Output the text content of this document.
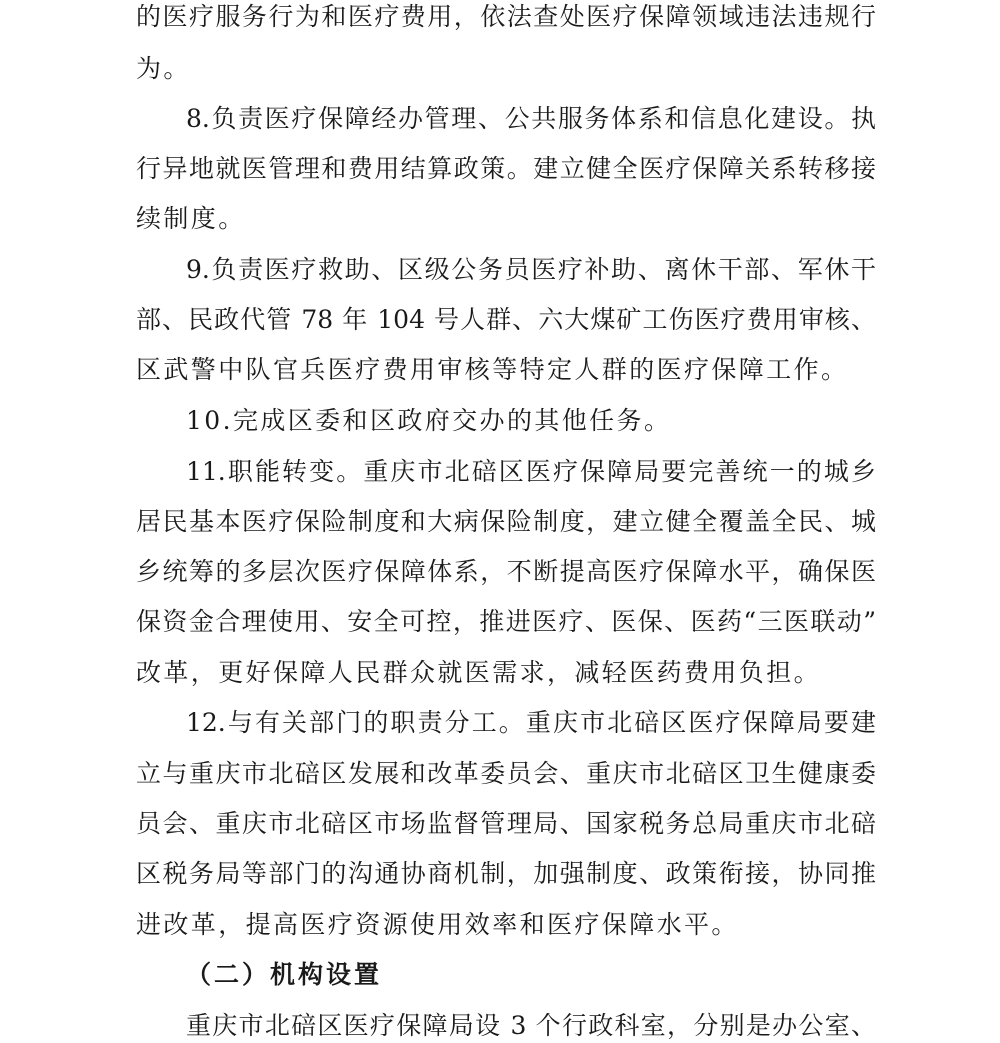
的医疗服务行为和医疗费用，依法查处医疗保障领域违法违规行
为。
8.负责医疗保障经办管理、公共服务体系和信息化建设。执
行异地就医管理和费用结算政策。建立健全医疗保障关系转移接
续制度。
9.负责医疗救助、区级公务员医疗补助、离休干部、军休干
部、民政代管 78 年 104 号人群、六大煤矿工伤医疗费用审核、
区武警中队官兵医疗费用审核等特定人群的医疗保障工作。
10.完成区委和区政府交办的其他任务。
11.职能转变。重庆市北碚区医疗保障局要完善统一的城乡
居民基本医疗保险制度和大病保险制度，建立健全覆盖全民、城
乡统筹的多层次医疗保障体系，不断提高医疗保障水平，确保医
保资金合理使用、安全可控，推进医疗、医保、医药“三医联动”
改革，更好保障人民群众就医需求，减轻医药费用负担。
12.与有关部门的职责分工。重庆市北碚区医疗保障局要建
立与重庆市北碚区发展和改革委员会、重庆市北碚区卫生健康委
员会、重庆市北碚区市场监督管理局、国家税务总局重庆市北碚
区税务局等部门的沟通协商机制，加强制度、政策衔接，协同推
进改革，提高医疗资源使用效率和医疗保障水平。
（二）机构设置
重庆市北碚区医疗保障局设 3 个行政科室，分别是办公室、
